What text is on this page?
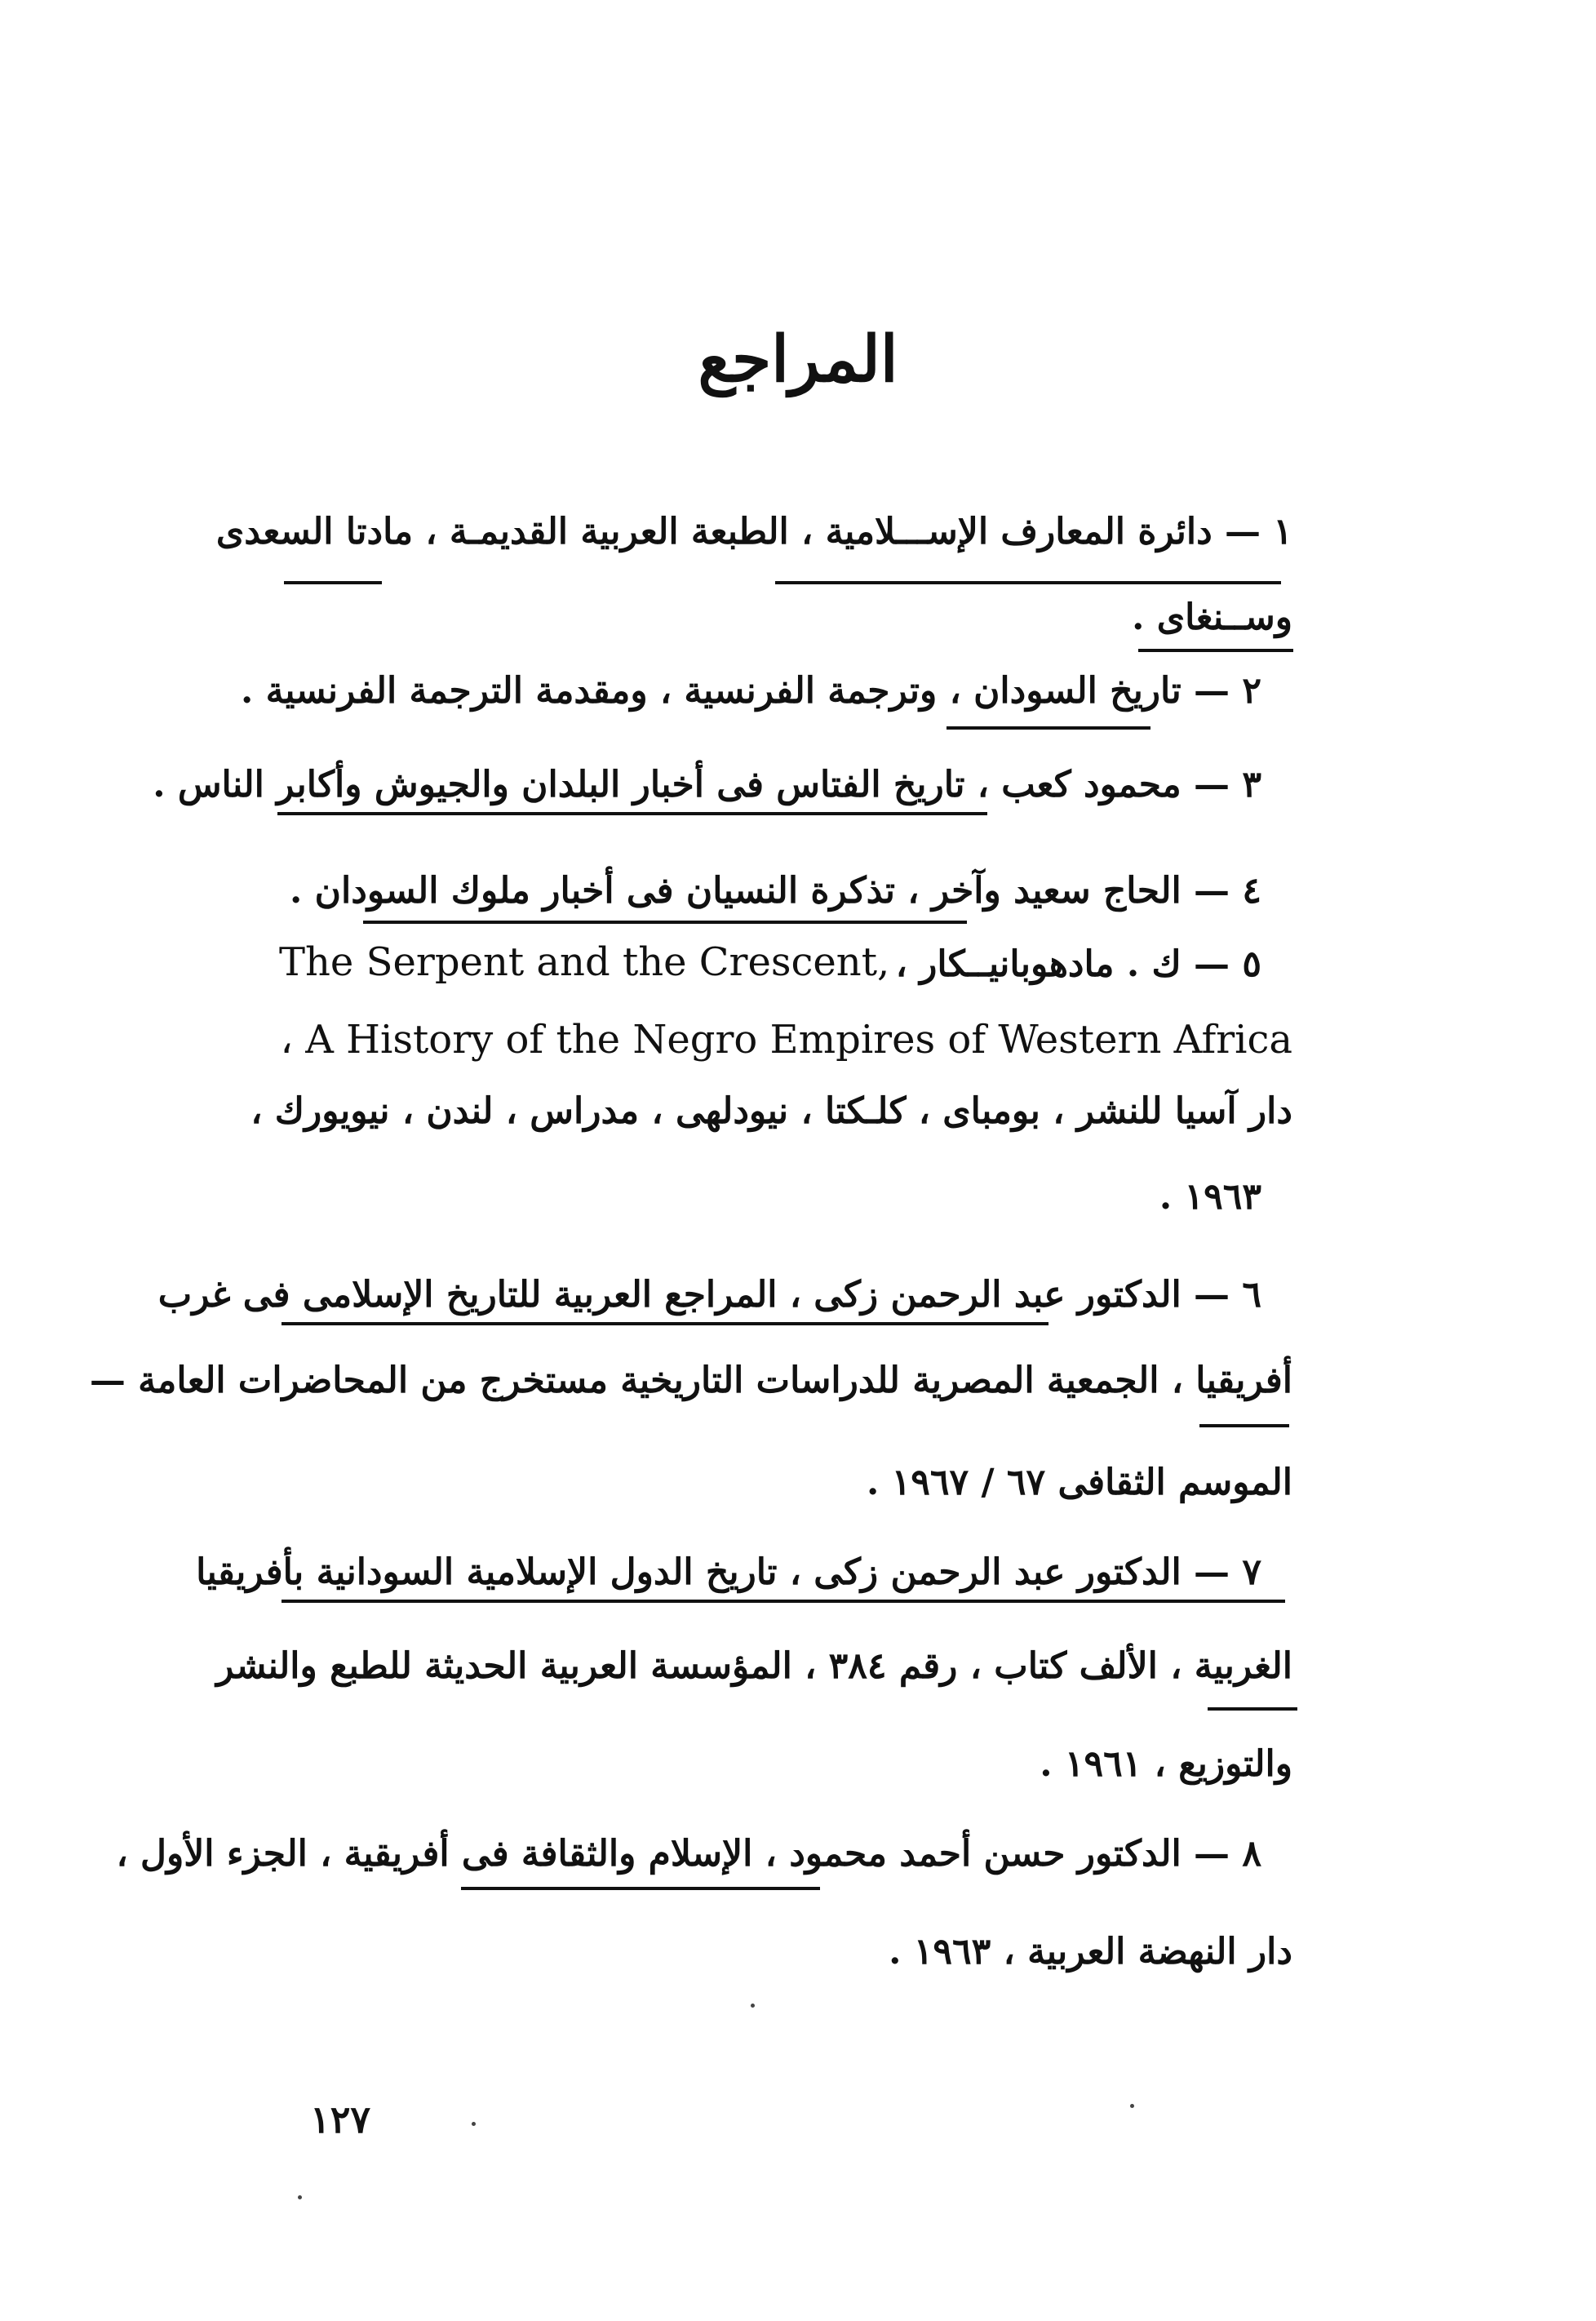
المراجع
١ — دائرة المعارف الإســـلامية ، الطبعة العربية القديمـة ، مادتا السعدى
وســنغاى .
٢ — تاريخ السودان ، وترجمة الفرنسية ، ومقدمة الترجمة الفرنسية .
٣ — محمود كعب ، تاريخ الفتاس فى أخبار البلدان والجيوش وأكابر الناس .
٤ — الحاج سعيد وآخر ، تذكرة النسيان فى أخبار ملوك السودان .
٥ — ك . مادهوبانيــكار ،
The Serpent and the Crescent,
، A History of the Negro Empires of Western Africa
دار آسيا للنشر ، بومباى ، كلـكتا ، نيودلهى ، مدراس ، لندن ، نيويورك ،
١٩٦٣ .
٦ — الدكتور عبد الرحمن زكى ، المراجع العربية للتاريخ الإسلامى فى غرب
أفريقيا ، الجمعية المصرية للدراسات التاريخية مستخرج من المحاضرات العامة —
الموسم الثقافى ٦٧ / ١٩٦٧ .
٧ — الدكتور عبد الرحمن زكى ، تاريخ الدول الإسلامية السودانية بأفريقيا
الغربية ، الألف كتاب ، رقم ٣٨٤ ، المؤسسة العربية الحديثة للطبع والنشر
والتوزيع ، ١٩٦١ .
٨ — الدكتور حسن أحمد محمود ، الإسلام والثقافة فى أفريقية ، الجزء الأول ،
دار النهضة العربية ، ١٩٦٣ .
١٢٧
